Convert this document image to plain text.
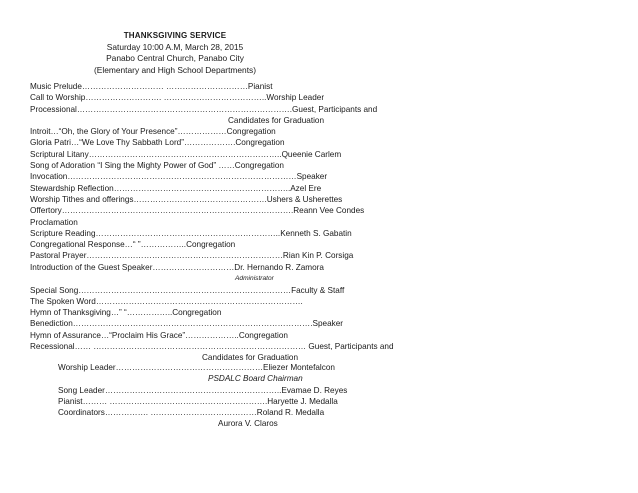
THANKSGIVING SERVICE
Saturday 10:00 A.M, March 28, 2015
Panabo Central Church, Panabo City
(Elementary and High School Departments)
Music Prelude………………………… …………………………Pianist
Call to Worship………………………. ………………………………..Worship Leader
Processional…………………………………………………………………….Guest, Participants and
Candidates for Graduation
Introit…“Oh, the Glory of Your Presence”………………Congregation
Gloria Patri…“We Love Thy Sabbath Lord”……………….Congregation
Scriptural Litany……………………………………………………………..Queenie Carlem
Song of Adoration “I Sing the Mighty Power of God” ……Congregation
Invocation…………………………………………………………………………Speaker
Stewardship Reflection………………………………………………………..Azel Ere
Worship Tithes and offerings………………………………………….Ushers & Usherettes
Offertory………………………………………………………………………….Reann Vee Condes
Proclamation
Scripture Reading…………………………………………………………..Kenneth S. Gabatin
Congregational Response…“ ”……………..Congregation
Pastoral Prayer………………………………………………………………Rian Kin P. Corsiga
Introduction of the Guest Speaker…………………………Dr. Hernando R. Zamora
Administrator
Special Song……………………………………………………………………Faculty & Staff
The Spoken Word………………………………………………………………….
Hymn of Thanksgiving…” “……………..Congregation
Benediction…………………………………………………………………………….Speaker
Hymn of Assurance…“Proclaim His Grace”………………..Congregation
Recessional…… …………………………………………………………………… Guest, Participants and
Candidates for Graduation
Worship Leader………………………………………………Eliezer Montefalcon
PSDALC Board Chairman
Song Leader………………………………………………………..Evamae D. Reyes
Pianist……… ………………………………………………….Haryette J. Medalla
Coordinators……………. …………………………………Roland R. Medalla
Aurora V. Claros
